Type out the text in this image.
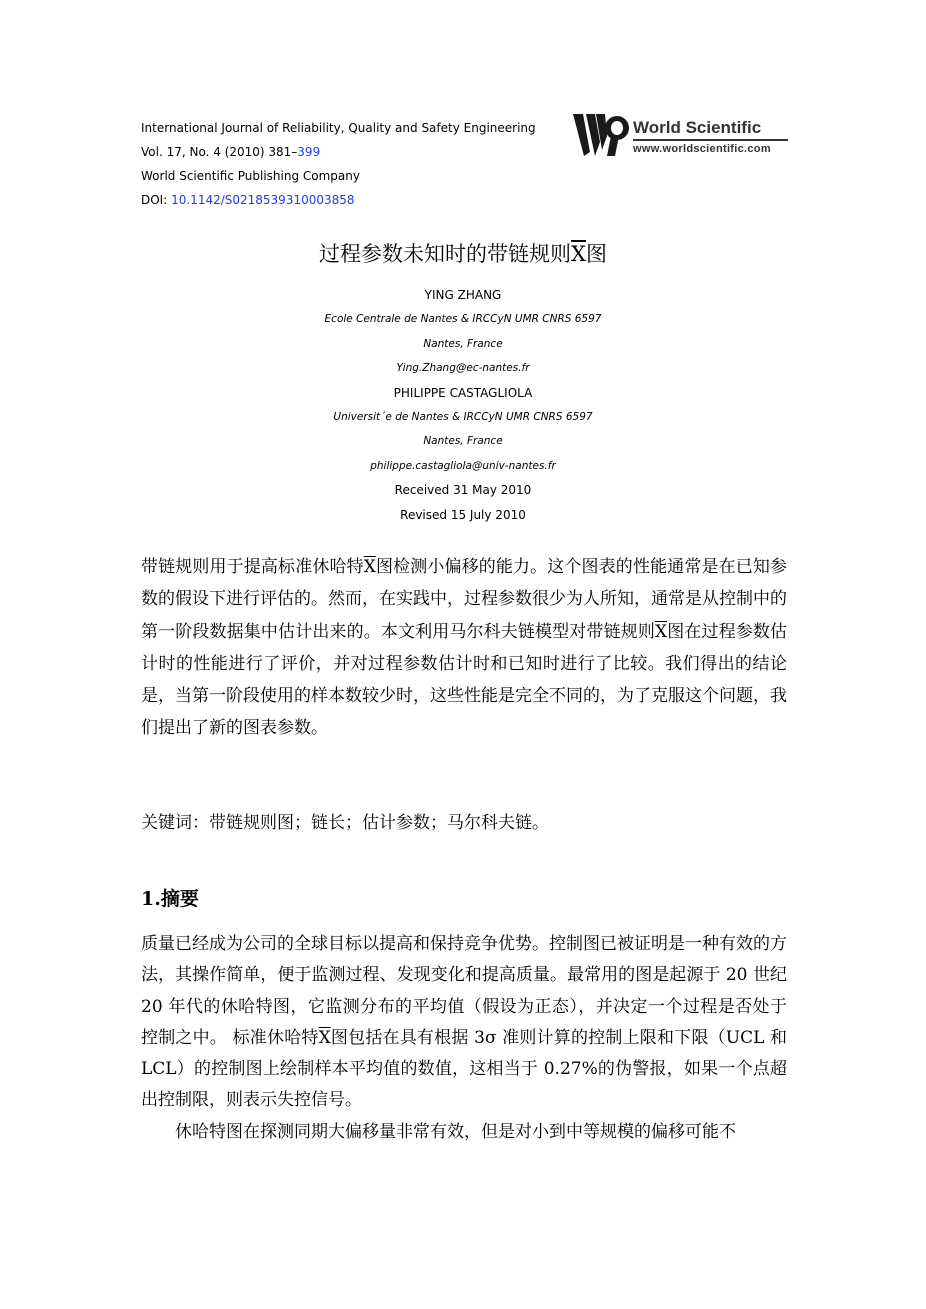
International Journal of Reliability, Quality and Safety Engineering
Vol. 17, No. 4 (2010) 381–399
World Scientific Publishing Company
DOI: 10.1142/S0218539310003858
World Scientific
www.worldscientific.com
过程参数未知时的带链规则$\overline{X}$图
YING ZHANG
Ecole Centrale de Nantes & IRCCyN UMR CNRS 6597
Nantes, France
Ying.Zhang@ec-nantes.fr
PHILIPPE CASTAGLIOLA
Universit´e de Nantes & IRCCyN UMR CNRS 6597
Nantes, France
philippe.castagliola@univ-nantes.fr
Received 31 May 2010
Revised 15 July 2010
带链规则用于提高标准休哈特$\overline{X}$图检测小偏移的能力。这个图表的性能通常是在已知参数的假设下进行评估的。然而，在实践中，过程参数很少为人所知，通常是从控制中的第一阶段数据集中估计出来的。本文利用马尔科夫链模型对带链规则$\overline{X}$图在过程参数估计时的性能进行了评价，并对过程参数估计时和已知时进行了比较。我们得出的结论是，当第一阶段使用的样本数较少时，这些性能是完全不同的，为了克服这个问题，我们提出了新的图表参数。
关键词：带链规则图；链长；估计参数；马尔科夫链。
1.摘要

质量已经成为公司的全球目标以提高和保持竞争优势。控制图已被证明是一种有效的方法，其操作简单，便于监测过程、发现变化和提高质量。最常用的图是起源于 20 世纪 20 年代的休哈特图，它监测分布的平均值（假设为正态），并决定一个过程是否处于控制之中。 标准休哈特$\overline{X}$图包括在具有根据 3σ 准则计算的控制上限和下限（UCL 和 LCL）的控制图上绘制样本平均值的数值，这相当于 0.27%的伪警报，如果一个点超出控制限，则表示失控信号。

休哈特图在探测同期大偏移量非常有效，但是对小到中等规模的偏移可能不
